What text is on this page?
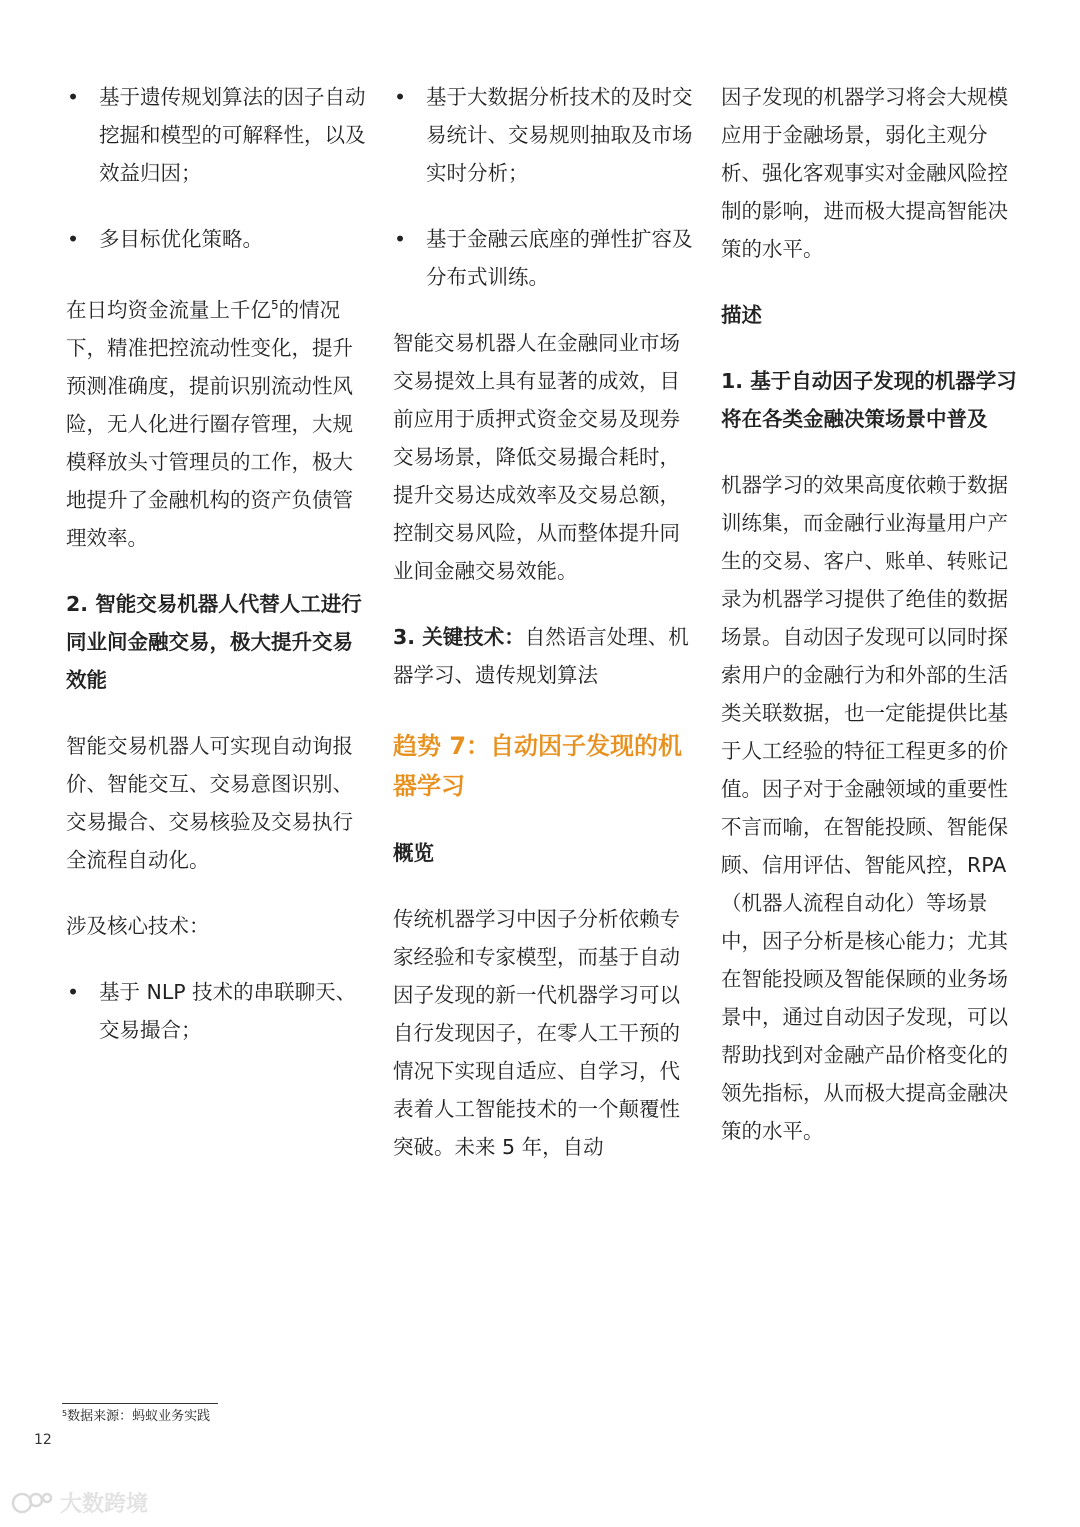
• 基于遗传规划算法的因子自动挖掘和模型的可解释性，以及效益归因；
• 多目标优化策略。

在日均资金流量上千亿$^5$的情况下，精准把控流动性变化，提升预测准确度，提前识别流动性风险，无人化进行圈存管理，大规模释放头寸管理员的工作，极大地提升了金融机构的资产负债管理效率。

2. 智能交易机器人代替人工进行同业间金融交易，极大提升交易效能

智能交易机器人可实现自动询报价、智能交互、交易意图识别、交易撮合、交易核验及交易执行全流程自动化。

涉及核心技术：

• 基于 NLP 技术的串联聊天、交易撮合；
• 基于大数据分析技术的及时交易统计、交易规则抽取及市场实时分析；
• 基于金融云底座的弹性扩容及分布式训练。

智能交易机器人在金融同业市场交易提效上具有显著的成效，目前应用于质押式资金交易及现券交易场景，降低交易撮合耗时，提升交易达成效率及交易总额，控制交易风险，从而整体提升同业间金融交易效能。

3. 关键技术：自然语言处理、机器学习、遗传规划算法

趋势 7：自动因子发现的机器学习
概览

传统机器学习中因子分析依赖专家经验和专家模型，而基于自动因子发现的新一代机器学习可以自行发现因子，在零人工干预的情况下实现自适应、自学习，代表着人工智能技术的一个颠覆性突破。未来 5 年，自动

因子发现的机器学习将会大规模应用于金融场景，弱化主观分析、强化客观事实对金融风险控制的影响，进而极大提高智能决策的水平。

描述
1. 基于自动因子发现的机器学习将在各类金融决策场景中普及

机器学习的效果高度依赖于数据训练集，而金融行业海量用户产生的交易、客户、账单、转账记录为机器学习提供了绝佳的数据场景。自动因子发现可以同时探索用户的金融行为和外部的生活类关联数据，也一定能提供比基于人工经验的特征工程更多的价值。因子对于金融领域的重要性不言而喻，在智能投顾、智能保顾、信用评估、智能风控，RPA（机器人流程自动化）等场景中，因子分析是核心能力；尤其在智能投顾及智能保顾的业务场景中，通过自动因子发现，可以帮助找到对金融产品价格变化的领先指标，从而极大提高金融决策的水平。

$^5$数据来源：蚂蚁业务实践
12
大数跨境
